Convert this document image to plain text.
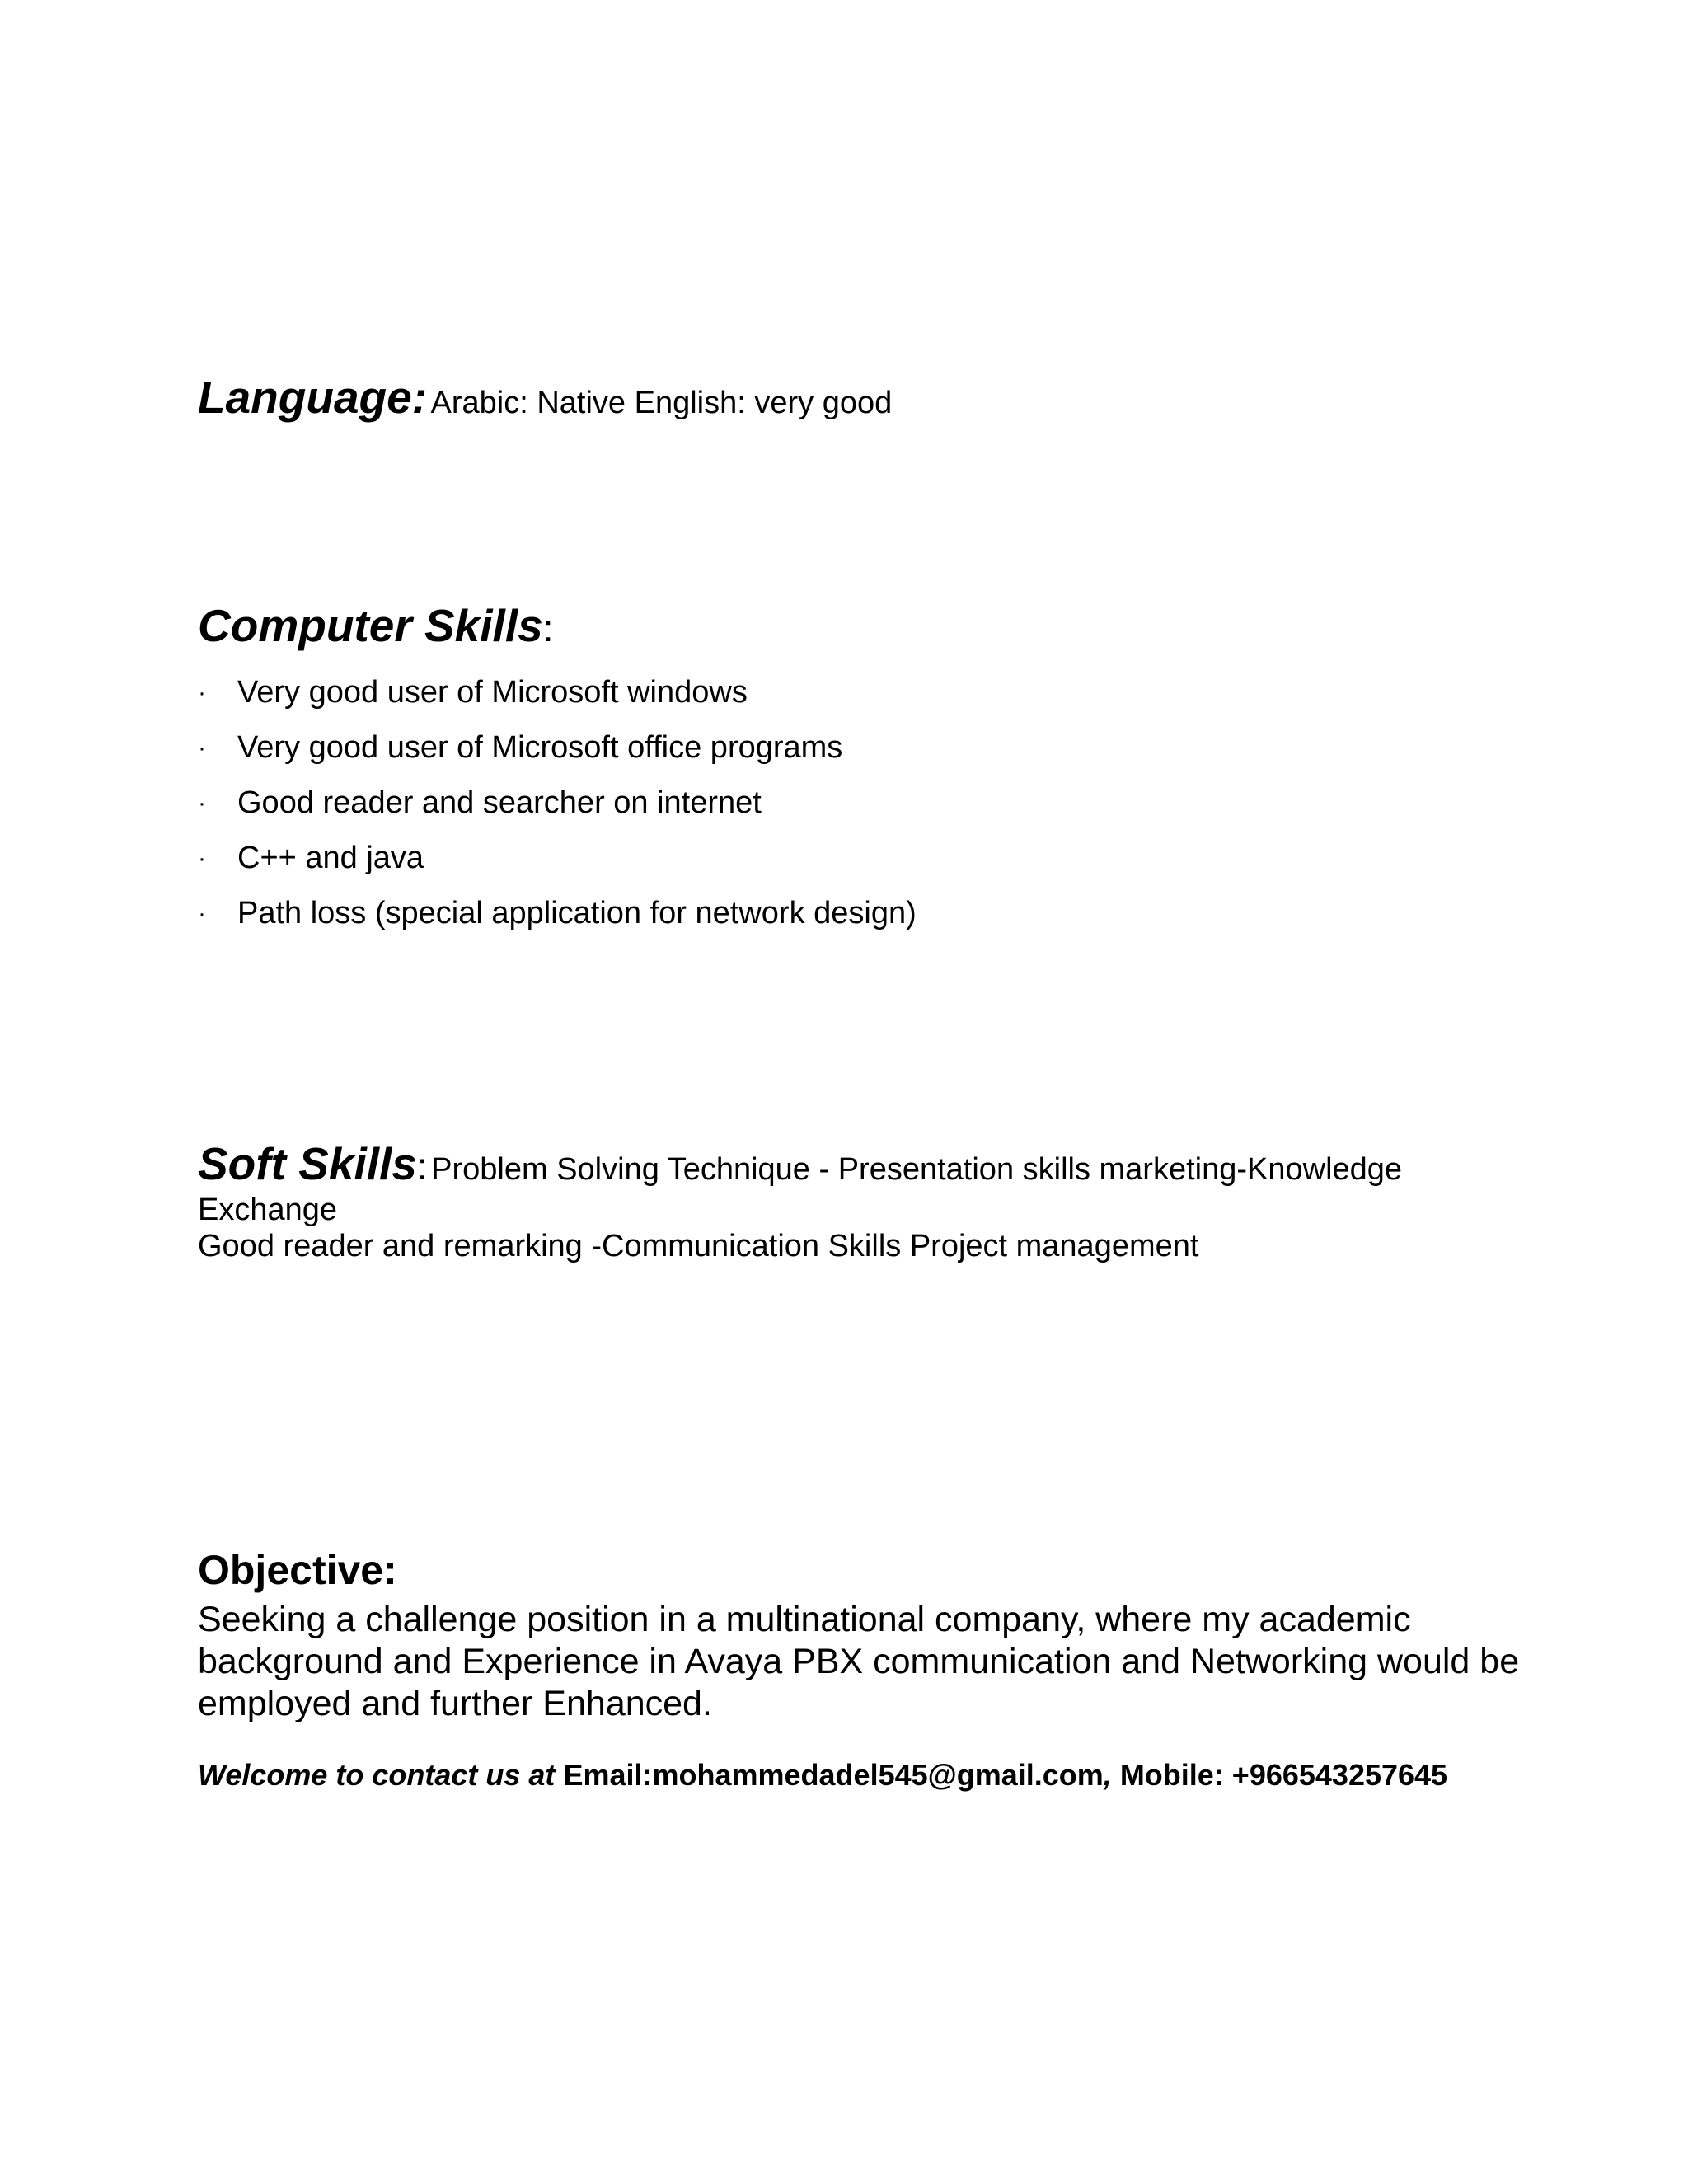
Language: Arabic: Native English: very good
Computer Skills:
· Very good user of Microsoft windows
· Very good user of Microsoft office programs
· Good reader and searcher on internet
· C++ and java
· Path loss (special application for network design)
Soft Skills: Problem Solving Technique - Presentation skills marketing-Knowledge
Exchange
Good reader and remarking -Communication Skills Project management
Objective:
Seeking a challenge position in a multinational company, where my academic background and Experience in Avaya PBX communication and Networking would be employed and further Enhanced.
Welcome to contact us at Email:mohammedadel545@gmail.com, Mobile: +966543257645
